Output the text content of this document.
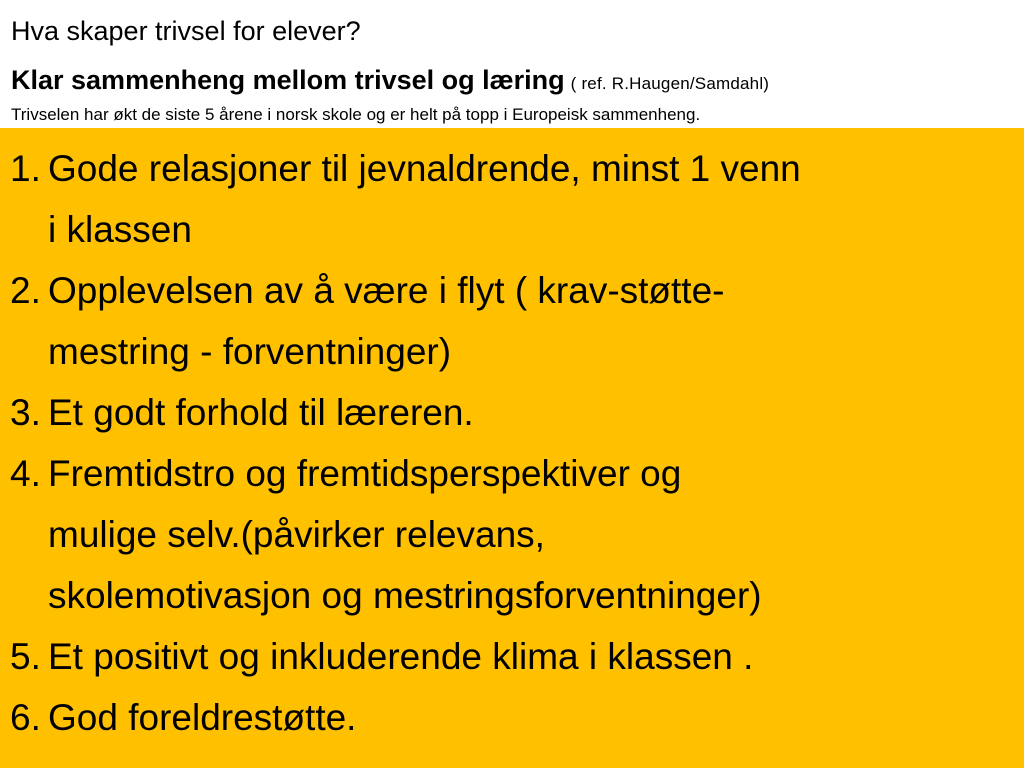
Hva skaper trivsel for elever?
Klar sammenheng mellom trivsel og læring ( ref. R.Haugen/Samdahl)
Trivselen har økt de siste 5 årene i norsk skole og er helt på topp i Europeisk sammenheng.
1. Gode relasjoner til jevnaldrende, minst 1 venn
i klassen
2. Opplevelsen av å være i flyt ( krav-støtte-
mestring - forventninger)
3. Et godt forhold til læreren.
4. Fremtidstro og fremtidsperspektiver og
mulige selv.(påvirker relevans,
skolemotivasjon og mestringsforventninger)
5. Et positivt og inkluderende klima i klassen .
6. God foreldrestøtte.
